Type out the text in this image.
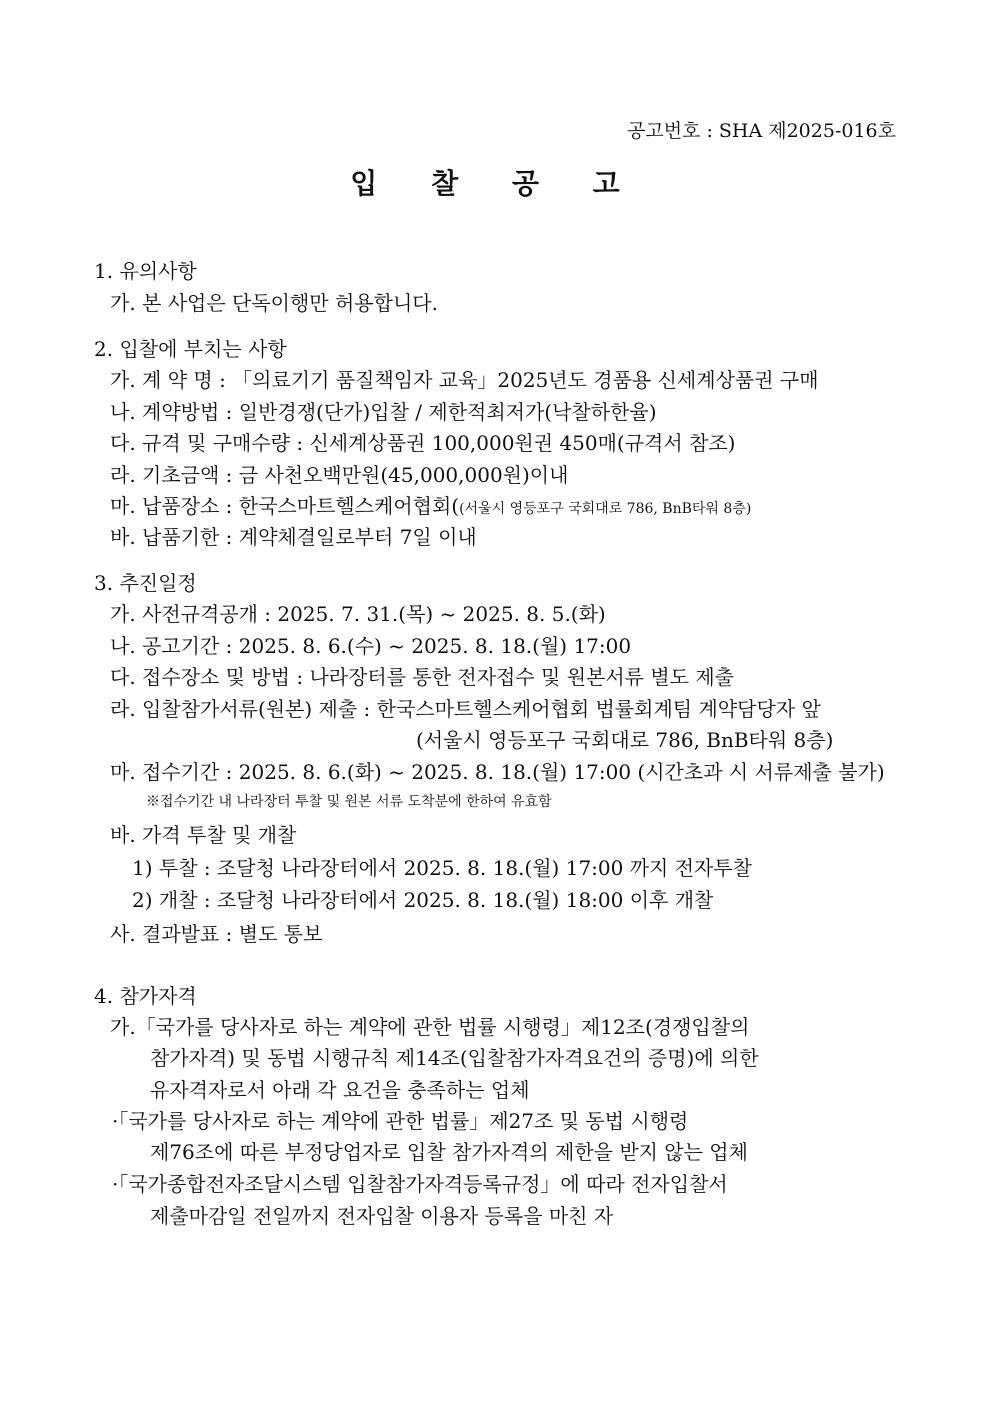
공고번호 : SHA 제2025-016호
입 찰 공 고
1. 유의사항
가. 본 사업은 단독이행만 허용합니다.
2. 입찰에 부치는 사항
가. 계 약 명 : 「의료기기 품질책임자 교육」2025년도 경품용 신세계상품권 구매
나. 계약방법 : 일반경쟁(단가)입찰 / 제한적최저가(낙찰하한율)
다. 규격 및 구매수량 : 신세계상품권 100,000원권 450매(규격서 참조)
라. 기초금액 : 금 사천오백만원(45,000,000원)이내
마. 납품장소 : 한국스마트헬스케어협회((서울시 영등포구 국회대로 786, BnB타워 8층)
바. 납품기한 : 계약체결일로부터 7일 이내
3. 추진일정
가. 사전규격공개 : 2025. 7. 31.(목) ~ 2025. 8. 5.(화)
나. 공고기간 : 2025. 8. 6.(수) ~ 2025. 8. 18.(월) 17:00
다. 접수장소 및 방법 : 나라장터를 통한 전자접수 및 원본서류 별도 제출
라. 입찰참가서류(원본) 제출 : 한국스마트헬스케어협회 법률회계팀 계약담당자 앞
(서울시 영등포구 국회대로 786, BnB타워 8층)
마. 접수기간 : 2025. 8. 6.(화) ~ 2025. 8. 18.(월) 17:00 (시간초과 시 서류제출 불가)
※접수기간 내 나라장터 투찰 및 원본 서류 도착분에 한하여 유효함
바. 가격 투찰 및 개찰
1) 투찰 : 조달청 나라장터에서 2025. 8. 18.(월) 17:00 까지 전자투찰
2) 개찰 : 조달청 나라장터에서 2025. 8. 18.(월) 18:00 이후 개찰
사. 결과발표 : 별도 통보
4. 참가자격
가.「국가를 당사자로 하는 계약에 관한 법률 시행령」제12조(경쟁입찰의
참가자격) 및 동법 시행규칙 제14조(입찰참가자격요건의 증명)에 의한
유자격자로서 아래 각 요건을 충족하는 업체
·「국가를 당사자로 하는 계약에 관한 법률」제27조 및 동법 시행령
제76조에 따른 부정당업자로 입찰 참가자격의 제한을 받지 않는 업체
·「국가종합전자조달시스템 입찰참가자격등록규정」에 따라 전자입찰서
제출마감일 전일까지 전자입찰 이용자 등록을 마친 자
